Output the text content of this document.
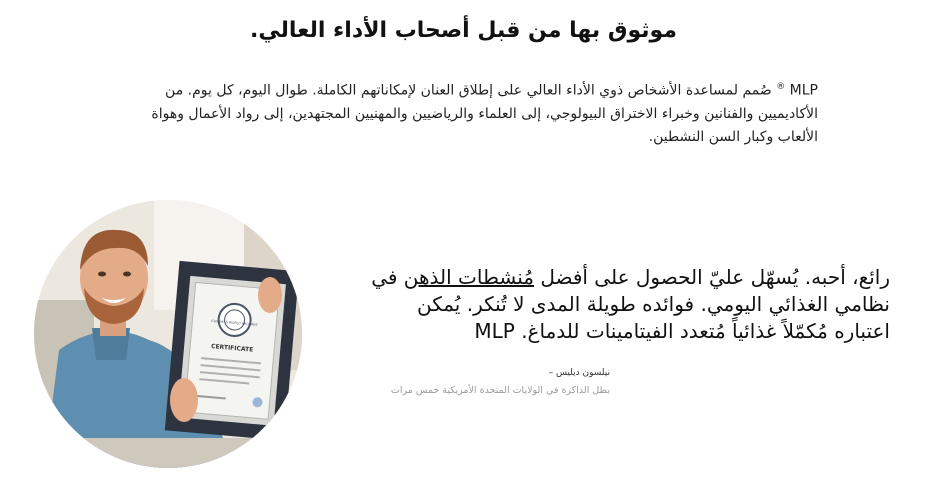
موثوق بها من قبل أصحاب الأداء العالي.

MLP ® صُمم لمساعدة الأشخاص ذوي الأداء العالي على إطلاق العنان لإمكاناتهم الكاملة. طوال اليوم، كل يوم. من الأكاديميين والفنانين وخبراء الاختراق البيولوجي، إلى العلماء والرياضيين والمهنيين المجتهدين، إلى رواد الأعمال وهواة الألعاب وكبار السن النشطين.

GUINNESS WORLD RECORDS
CERTIFICATE

رائع، أحبه. يُسهّل عليّ الحصول على أفضل مُنشطات الذهن في نظامي الغذائي اليومي. فوائده طويلة المدى لا تُنكر. يُمكن اعتباره مُكمّلاً غذائياً مُتعدد الفيتامينات للدماغ. MLP

نيلسون ديليس –
بطل الذاكرة في الولايات المتحدة الأمريكية خمس مرات
